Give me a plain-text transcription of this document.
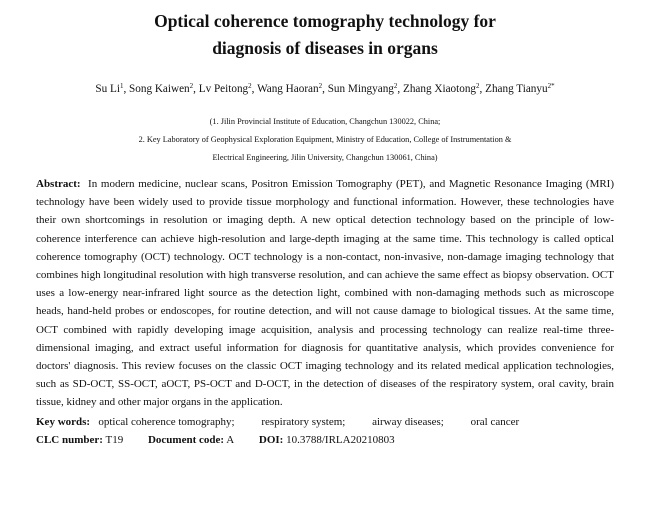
Optical coherence tomography technology for
diagnosis of diseases in organs
Su Li$^1$, Song Kaiwen$^2$, Lv Peitong$^2$, Wang Haoran$^2$, Sun Mingyang$^2$, Zhang Xiaotong$^2$, Zhang Tianyu$^{2*}$
(1. Jilin Provincial Institute of Education, Changchun 130022, China;
2. Key Laboratory of Geophysical Exploration Equipment, Ministry of Education, College of Instrumentation &
Electrical Engineering, Jilin University, Changchun 130061, China)
Abstract: In modern medicine, nuclear scans, Positron Emission Tomography (PET), and Magnetic Resonance Imaging (MRI) technology have been widely used to provide tissue morphology and functional information. However, these technologies have their own shortcomings in resolution or imaging depth. A new optical detection technology based on the principle of low-coherence interference can achieve high-resolution and large-depth imaging at the same time. This technology is called optical coherence tomography (OCT) technology. OCT technology is a non-contact, non-invasive, non-damage imaging technology that combines high longitudinal resolution with high transverse resolution, and can achieve the same effect as biopsy observation. OCT uses a low-energy near-infrared light source as the detection light, combined with non-damaging methods such as microscope heads, hand-held probes or endoscopes, for routine detection, and will not cause damage to biological tissues. At the same time, OCT combined with rapidly developing image acquisition, analysis and processing technology can realize real-time three-dimensional imaging, and extract useful information for diagnosis for quantitative analysis, which provides convenience for doctors' diagnosis. This review focuses on the classic OCT imaging technology and its related medical application technologies, such as SD-OCT, SS-OCT, aOCT, PS-OCT and D-OCT, in the detection of diseases of the respiratory system, oral cavity, brain tissue, kidney and other major organs in the application.
Key words: optical coherence tomography; respiratory system; airway diseases; oral cancer
CLC number: T19 Document code: A DOI: 10.3788/IRLA20210803
